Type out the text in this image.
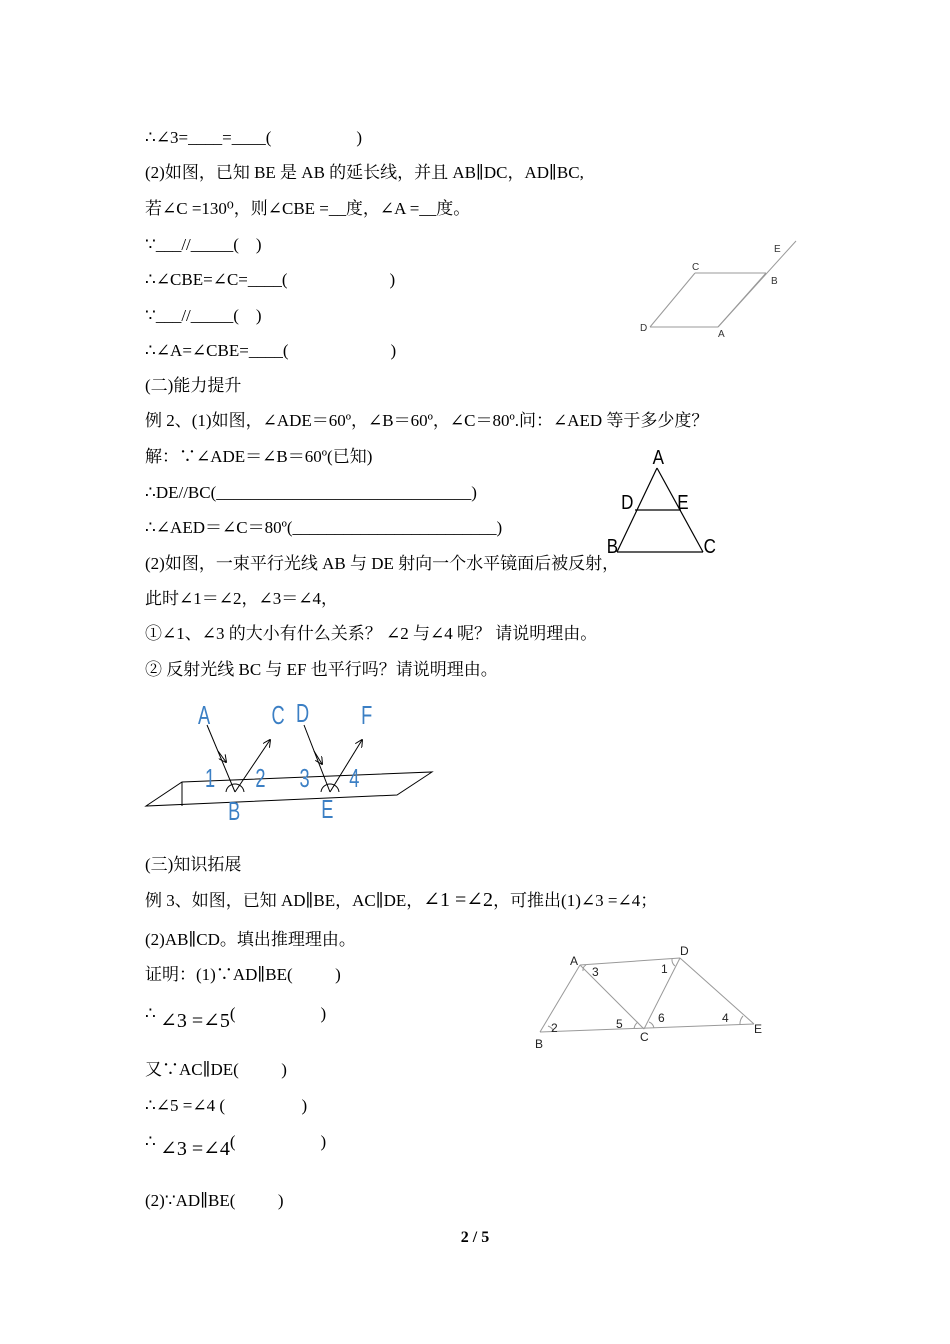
∴∠3=____=____(                    )
(2)如图，已知 BE 是 AB 的延长线，并且 AB∥DC，AD∥BC,
若∠C =130⁰，则∠CBE =__度，∠A =__度。
∵___//_____(    )
∴∠CBE=∠C=____(                        )
∵___//_____(    )
∴∠A=∠CBE=____(                        )
(二)能力提升
例 2、(1)如图，∠ADE＝60º，∠B＝60º，∠C＝80º.问：∠AED 等于多少度？
解：∵∠ADE＝∠B＝60º(已知)
∴DE//BC(______________________________)
∴∠AED＝∠C＝80º(________________________)
(2)如图，一束平行光线 AB 与 DE 射向一个水平镜面后被反射，
此时∠1＝∠2，∠3＝∠4，
①∠1、∠3 的大小有什么关系？ ∠2 与∠4 呢？ 请说明理由。
② 反射光线 BC 与 EF 也平行吗？请说明理由。
(三)知识拓展
例 3、如图，已知 AD∥BE，AC∥DE，∠1 =∠2，可推出(1)∠3 =∠4；
(2)AB∥CD。填出推理理由。
证明：(1)∵AD∥BE(          )
∴ ∠3 =∠5(                    )
又∵AC∥DE(          )
∴∠5 =∠4 (                  )
∴ ∠3 =∠4(                    )
(2)∵AD∥BE(          )
E
C
B
D
A
A
D E
B	C
A C D F
1 2 3 4
B	E
A
D
B	C
E
1
2
3
4
5	6
2 / 5
